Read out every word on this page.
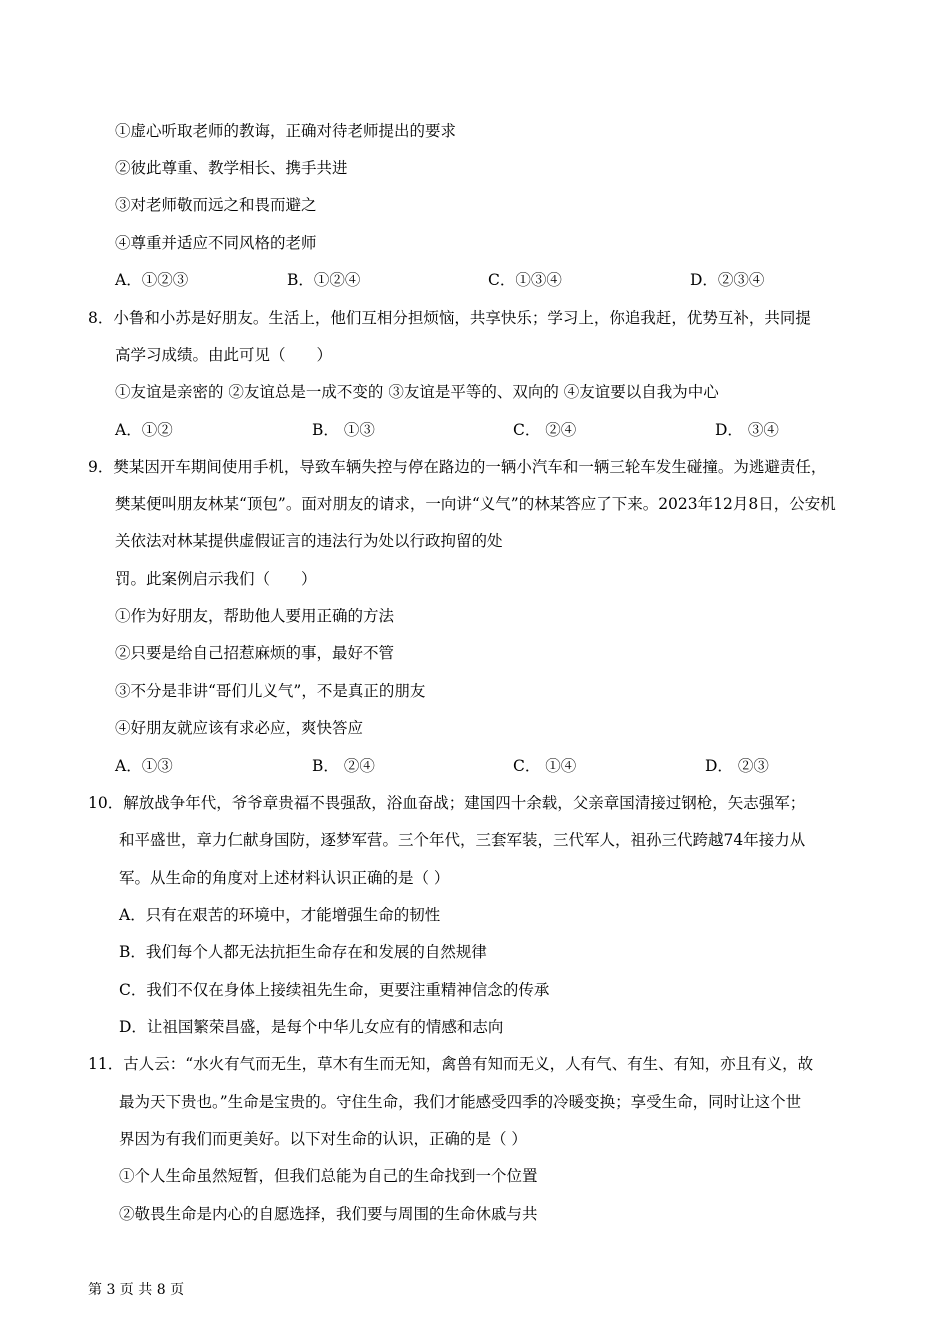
①虚心听取老师的教诲，正确对待老师提出的要求
②彼此尊重、教学相长、携手共进
③对老师敬而远之和畏而避之
④尊重并适应不同风格的老师
A．①②③	B．①②④	C．①③④	D．②③④
8．小鲁和小苏是好朋友。生活上，他们互相分担烦恼，共享快乐；学习上，你追我赶，优势互补，共同提
高学习成绩。由此可见（　　）
①友谊是亲密的 ②友谊总是一成不变的 ③友谊是平等的、双向的 ④友谊要以自我为中心
A．①②	B． ①③	C． ②④	D． ③④
9．樊某因开车期间使用手机，导致车辆失控与停在路边的一辆小汽车和一辆三轮车发生碰撞。为逃避责任，
樊某便叫朋友林某“顶包”。面对朋友的请求，一向讲“义气”的林某答应了下来。2023年12月8日，公安机
关依法对林某提供虚假证言的违法行为处以行政拘留的处
罚。此案例启示我们（　　）
①作为好朋友，帮助他人要用正确的方法
②只要是给自己招惹麻烦的事，最好不管
③不分是非讲“哥们儿义气”，不是真正的朋友
④好朋友就应该有求必应，爽快答应
A．①③	B． ②④	C． ①④	D． ②③
10．解放战争年代，爷爷章贵福不畏强敌，浴血奋战；建国四十余载，父亲章国清接过钢枪，矢志强军；
和平盛世，章力仁献身国防，逐梦军营。三个年代，三套军装，三代军人，祖孙三代跨越74年接力从
军。从生命的角度对上述材料认识正确的是（ ）
A．只有在艰苦的环境中，才能增强生命的韧性
B．我们每个人都无法抗拒生命存在和发展的自然规律
C．我们不仅在身体上接续祖先生命，更要注重精神信念的传承
D．让祖国繁荣昌盛，是每个中华儿女应有的情感和志向
11．古人云：“水火有气而无生，草木有生而无知，禽兽有知而无义，人有气、有生、有知，亦且有义，故
最为天下贵也。”生命是宝贵的。守住生命，我们才能感受四季的冷暖变换；享受生命，同时让这个世
界因为有我们而更美好。以下对生命的认识，正确的是（ ）
①个人生命虽然短暂，但我们总能为自己的生命找到一个位置
②敬畏生命是内心的自愿选择，我们要与周围的生命休戚与共
第 3 页 共 8 页
